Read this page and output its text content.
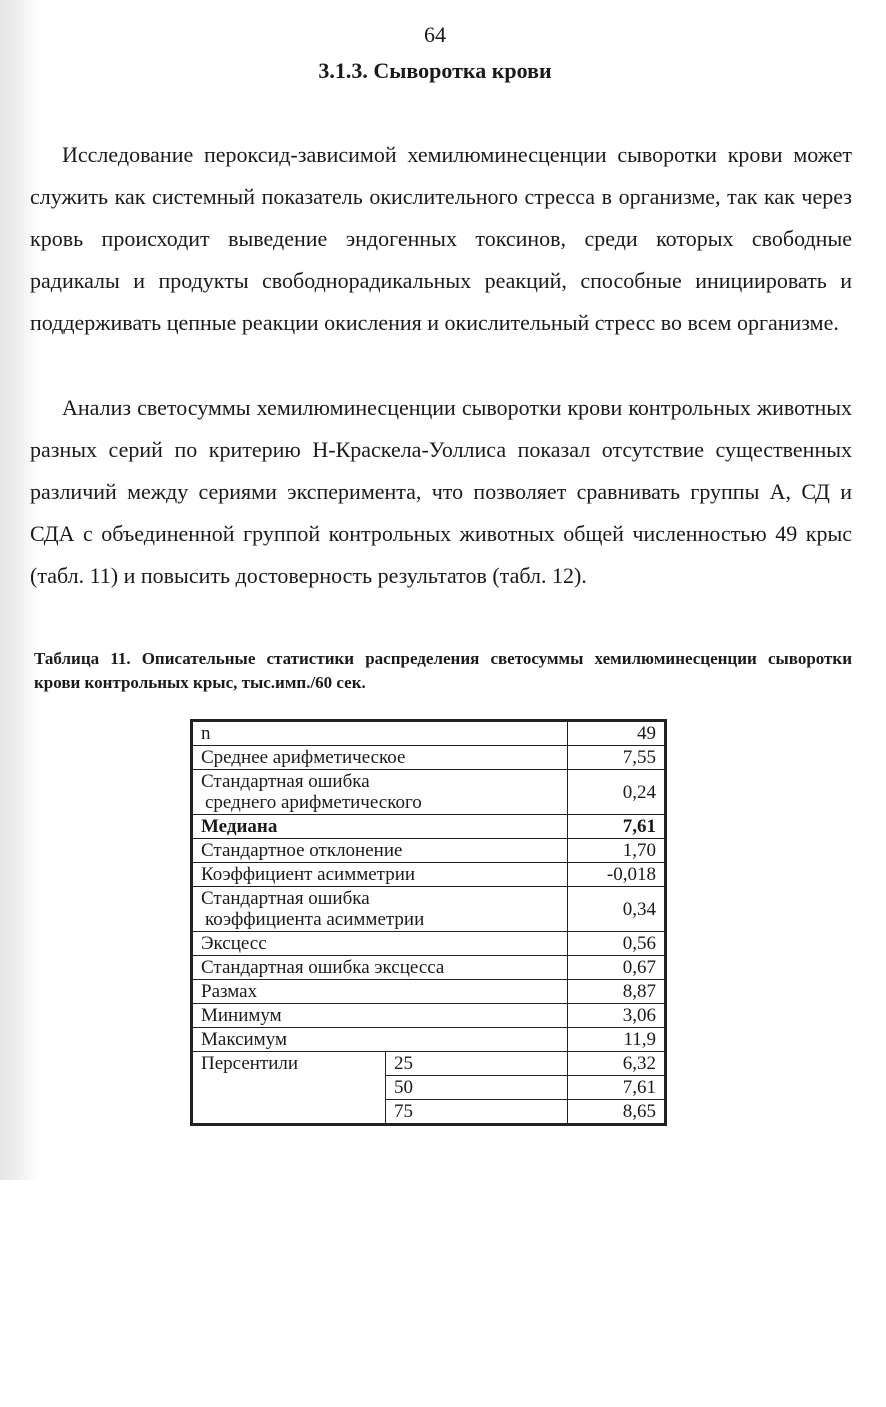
64
3.1.3. Сыворотка крови

Исследование пероксид-зависимой хемилюминесценции сыворотки крови может служить как системный показатель окислительного стресса в организме, так как через кровь происходит выведение эндогенных токсинов, среди которых свободные радикалы и продукты свободнорадикальных реакций, способные инициировать и поддерживать цепные реакции окисления и окислительный стресс во всем организме.

Анализ светосуммы хемилюминесценции сыворотки крови контрольных животных разных серий по критерию Н-Краскела-Уоллиса показал отсутствие существенных различий между сериями эксперимента, что позволяет сравнивать группы А, СД и СДА с объединенной группой контрольных животных общей численностью 49 крыс (табл. 11) и повысить достоверность результатов (табл. 12).

Таблица 11. Описательные статистики распределения светосуммы хемилюминесценции сыворотки крови контрольных крыс, тыс.имп./60 сек.

n		49
Среднее арифметическое		7,55
Стандартная ошибка
среднего арифметического		0,24
Медиана		7,61
Стандартное отклонение		1,70
Коэффициент асимметрии		-0,018
Стандартная ошибка
коэффициента асимметрии		0,34
Эксцесс		0,56
Стандартная ошибка эксцесса		0,67
Размах		8,87
Минимум		3,06
Максимум		11,9
Персентили	25	6,32
	50	7,61
	75	8,65
